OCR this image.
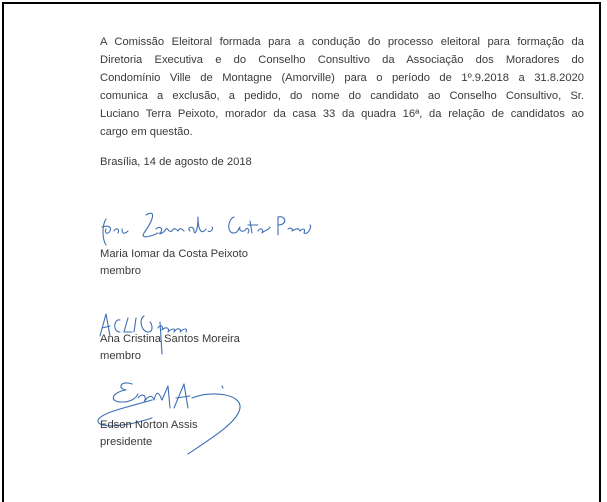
A Comissão Eleitoral formada para a condução do processo eleitoral para formação da
Diretoria Executiva e do Conselho Consultivo da Associação dos Moradores do
Condomínio Ville de Montagne (Amorville) para o período de 1º.9.2018 a 31.8.2020
comunica a exclusão, a pedido, do nome do candidato ao Conselho Consultivo, Sr.
Luciano Terra Peixoto, morador da casa 33 da quadra 16ª, da relação de candidatos ao
cargo em questão.
Brasília, 14 de agosto de 2018
Maria Iomar da Costa Peixoto
membro
Ana Cristina Santos Moreira
membro
Edson Norton Assis
presidente
